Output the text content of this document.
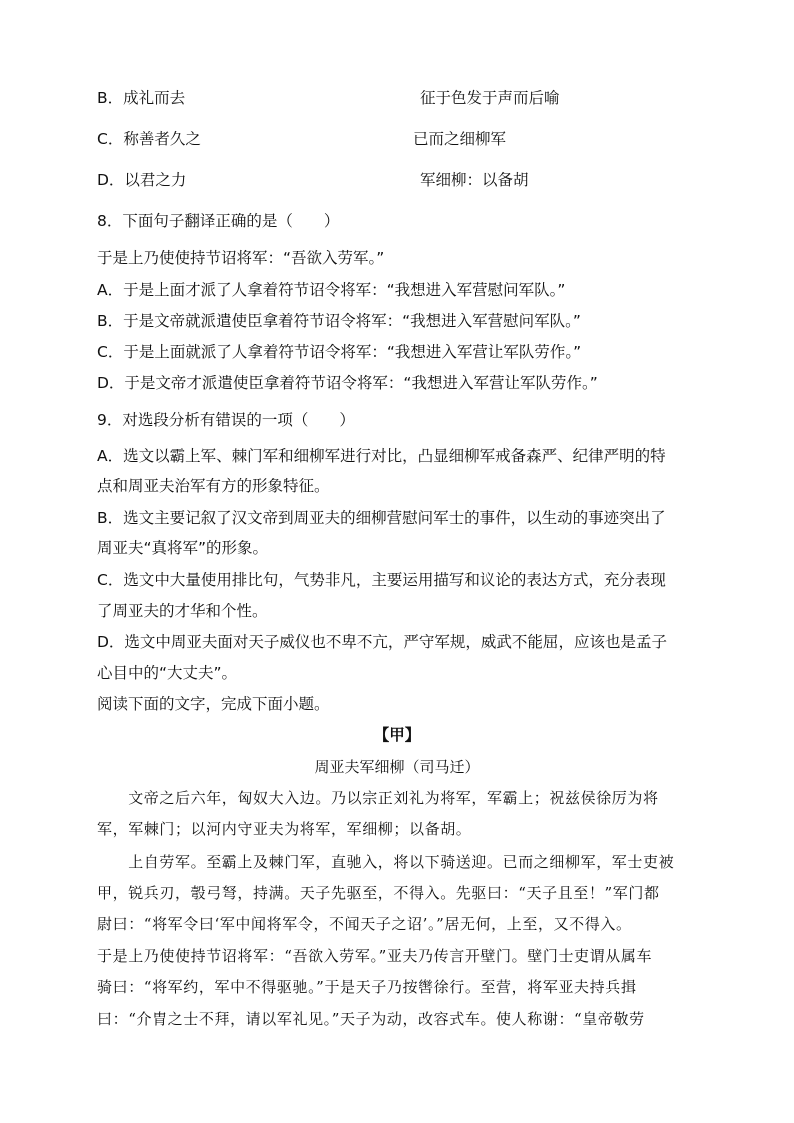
B．成礼而去	征于色发于声而后喻
C．称善者久之	已而之细柳军
D．以君之力	军细柳：以备胡
8．下面句子翻译正确的是（　　）
于是上乃使使持节诏将军：“吾欲入劳军。”
A．于是上面才派了人拿着符节诏令将军：“我想进入军营慰问军队。”
B．于是文帝就派遣使臣拿着符节诏令将军：“我想进入军营慰问军队。”
C．于是上面就派了人拿着符节诏令将军：“我想进入军营让军队劳作。”
D．于是文帝才派遣使臣拿着符节诏令将军：“我想进入军营让军队劳作。”
9．对选段分析有错误的一项（　　）
A．选文以霸上军、棘门军和细柳军进行对比，凸显细柳军戒备森严、纪律严明的特
点和周亚夫治军有方的形象特征。
B．选文主要记叙了汉文帝到周亚夫的细柳营慰问军士的事件，以生动的事迹突出了
周亚夫“真将军”的形象。
C．选文中大量使用排比句，气势非凡，主要运用描写和议论的表达方式，充分表现
了周亚夫的才华和个性。
D．选文中周亚夫面对天子威仪也不卑不亢，严守军规，威武不能屈，应该也是孟子
心目中的“大丈夫”。
阅读下面的文字，完成下面小题。
【甲】
周亚夫军细柳（司马迁）
　　文帝之后六年，匈奴大入边。乃以宗正刘礼为将军，军霸上；祝兹侯徐厉为将
军，军棘门；以河内守亚夫为将军，军细柳；以备胡。
　　上自劳军。至霸上及棘门军，直驰入，将以下骑送迎。已而之细柳军，军士吏被
甲，锐兵刃，彀弓弩，持满。天子先驱至，不得入。先驱曰：“天子且至！”军门都
尉曰：“将军令曰‘军中闻将军令，不闻天子之诏’。”居无何，上至，又不得入。
于是上乃使使持节诏将军：“吾欲入劳军。”亚夫乃传言开壁门。壁门士吏谓从属车
骑曰：“将军约，军中不得驱驰。”于是天子乃按辔徐行。至营，将军亚夫持兵揖
曰：“介胄之士不拜，请以军礼见。”天子为动，改容式车。使人称谢：“皇帝敬劳
